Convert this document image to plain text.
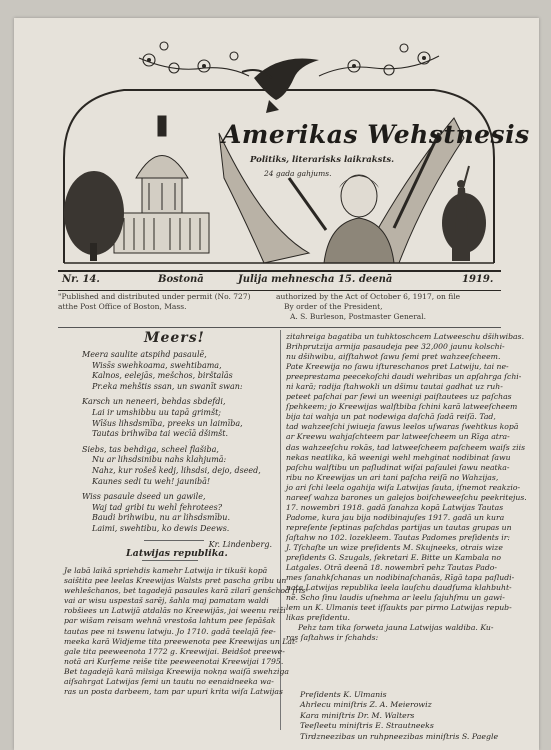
Amerikas Wehstnesis
Politiks, literarisks laikraksts.
24 gada gahjums.
Nr. 14.	Bostonā	Julija mehnescha 15. deenā	1919.
"Published and distributed under permit (No. 727)
atthe Post Office of Boston, Mass.
authorized by the Act of October 6, 1917, on file
By order of the President,
A. S. Burleson, Postmaster General.
Meers!
Meera saulite atspihd pasaulē,
Wiss̄s swehkoama, swehtibama,
Kalnos, eelejās, mešchos, birštalās
Pr.eka mehštis ssan, un swanīt swan:
Karsch un neneeri, behdas sbdefdi,
Lai ir umshibbu uu tapā grimšt;
Wīšus lihsdsmība, preeks un laimība,
Tautas brihwība tai wecīā dšimšt.
Siebs, tas behdiga, scheel flašiba,
Nu ar lihsdsinibu nahs klahjumā:
Nahz, kur rošeš kedj, lihsdsi, dejo, dseed,
Kaunes sedi tu weh! jaunibā!
Wiss pasaule dseed un gawile,
Waj tad gribi tu wehl fehrotees?
Baudi brihwibu, nu ar lihsdsmību.
Laimi, swehtibu, ko dewis Deews.
Kr. Lindenberg.
Latwijas republika.
Je labā laikā spriehdis kamehr Latwija ir tikuši kopā
saištita pee leelas Kreewijas Walsts pret pascha gribu un
wehlešchanos, bet tagadejā pasaules karā zilarī genšchod fris-
vai ar wisu uspestaš sarēj, šahla maj pamatam waldi
robšiees un Latwijā atdalās no Kreewijās, jai weenu reiži
par wišam reisam wehnā vrestoša lahtum pee ſepāšak
tautas pee ni tswenu latwju. Jo 1710. gadā teelajā fee-
meeka karā Widjeme tita preewenota pee Kreewijas un Lat-
gale tita peeweenota 1772 g. Kreewijai. Beidšot preewe-
notā ari Kurſeme reiše tite peeweenotai Kreewijai 1795.
Bet tagadejā karā milsiga Kreewija nokņa waiſā swehziga
aiſsahrgat Latwijas ſemi un tautu no eenaidneeka wa-
ras un posta darbeem, tam par upuri krita wiſa Latwijas
zitahreiga bagatiba un tuhktoschcem Latweeschu dšihwibas.
Brihprutzija armija pasaudeja pee 32,000 jaunu kolschi-
nu dšihwibu, aiſſtahwot ſawu ſemi pret wahzeeſcheem.
Pate Kreewija no ſawu iſtureschanos pret Latwiju, tai ne-
preeprestama peecekoſchi daudi wehribas un apſahrga ſchi-
ni karā; radija ſtahwokli un dšimu tautai gadhat uz ruh-
peteet paſchai par ſewi un weenigi paiſtautees uz paſchas
ſpehkeem; jo Kreewijas walſtbiba ſchini karā latweeſcheem
bija tai wahja un pat nodewiga daſchā ſadā reiſā. Tad,
tad wahzeeſchi jwiueja ſawus leelos uſwaras ſwehtkus kopā
ar Kreewu wahjaſchteem par latweeſcheem un Rīga atra-
das wahzeeſchu rokās, tad latweeſcheem paſcheem waiſs ziis
nekas neatlika, kā weenigi wehl mehginat nodibinat ſawu
paſchu walſtibu un paſludinat wiſai paſaulei ſawu neatka-
ribu no Kreewijas un ari tani paſcha reiſā no Wahzijas,
jo ari ſchi leela ogahija wiſa Latwijas ſauta, iſnemot reakzio-
nareeſ wahza barones un galejos boiſcheweeſchu peekritejus.
17. nowembri 1918. gadā ſanahza kopā Latwijas Tautas
Padome, kura jau bija nodibinajuſes 1917. gadā un kura
repreſente ſeptinas paſchdas partijas un tautas grupas un
ſaſtahw no 102. lozekleem. Tautas Padomes preſidents ir:
J. Tſchaſte un wize preſidents M. Skujneeks, otrais wize
preſidents G. Szugals, ſekretari E. Bitte un Kambala no
Latgales. Otrā deenā 18. nowembrī pehz Tautas Pado-
mes ſanahkſchanas un nodibinaſchanās, Rīgā tapa paſludi-
nata Latwijas republika leela lauſchu daudſuma klahbuht-
nē. Scho ſinu laudis uſnehma ar leelu ſajuhſmu un gawi-
lem un K. Ulmanis teet iſſaukts par pirmo Latwijas repub-
likas preſidentu.
Pehz tam tika ſorweta jauna Latwijas waldiba. Ku-
ras ſaſtahws ir ſchahds:
Preſidents K. Ulmanis
Ahrlecu miniſtris Z. A. Meierowiz
Kara miniſtris Dr. M. Walters
Teeſleetu miniſtris E. Strautneeks
Tirdzneezibas un ruhpneezibas miniſtris S. Paegle
